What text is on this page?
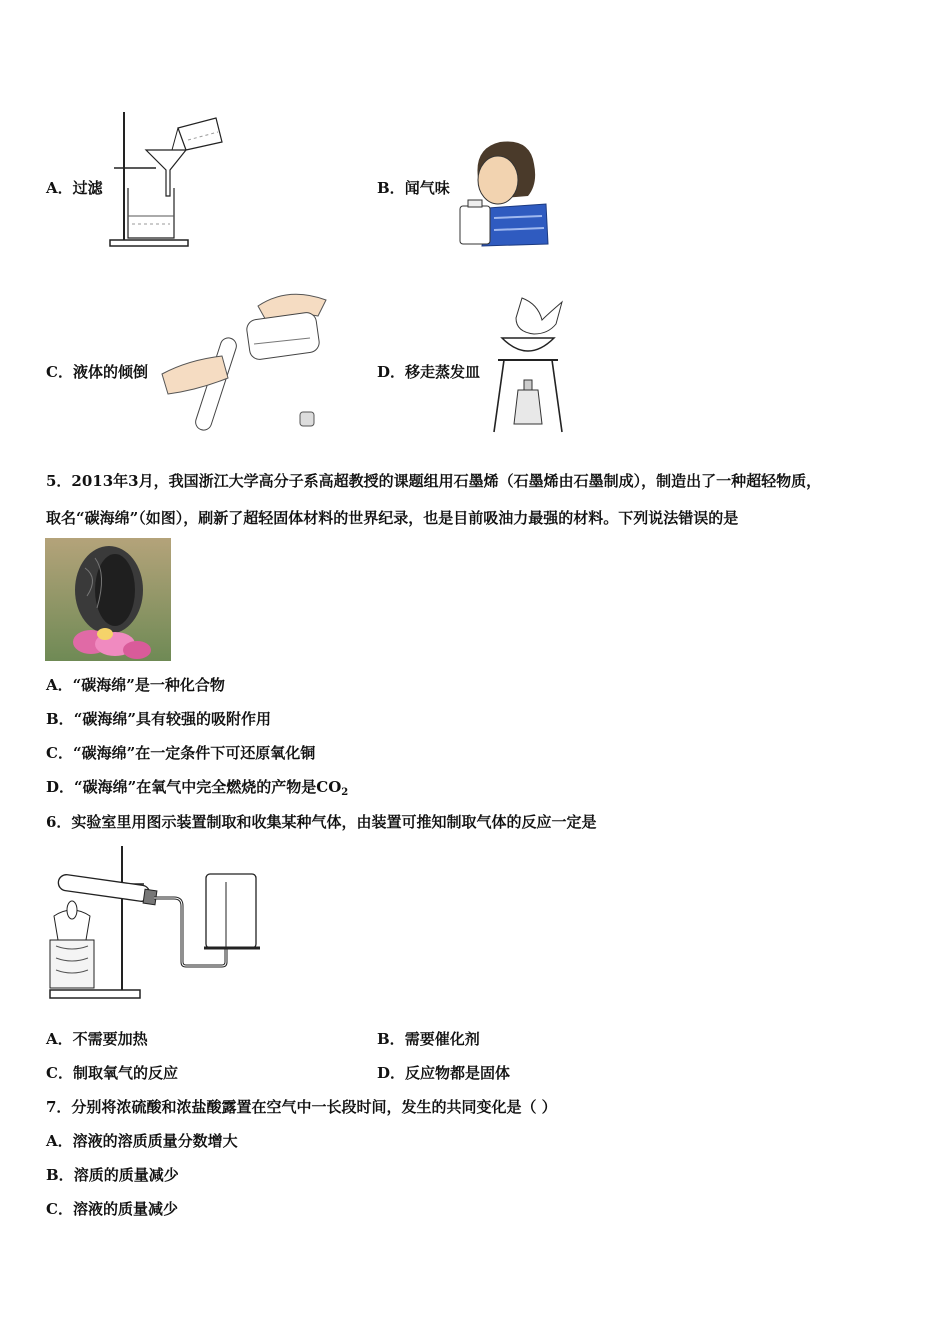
A．过滤	B．闻气味
C．液体的倾倒	D．移走蒸发皿
5．2013年3月，我国浙江大学高分子系高超教授的课题组用石墨烯（石墨烯由石墨制成），制造出了一种超轻物质，
取名“碳海绵”（如图），刷新了超轻固体材料的世界纪录，也是目前吸油力最强的材料。下列说法错误的是
A．“碳海绵”是一种化合物
B．“碳海绵”具有较强的吸附作用
C．“碳海绵”在一定条件下可还原氧化铜
D．“碳海绵”在氧气中完全燃烧的产物是$CO_2$
6．实验室里用图示装置制取和收集某种气体，由装置可推知制取气体的反应一定是
A．不需要加热	B．需要催化剂
C．制取氧气的反应	D．反应物都是固体
7．分别将浓硫酸和浓盐酸露置在空气中一长段时间，发生的共同变化是（ ）
A．溶液的溶质质量分数增大
B．溶质的质量减少
C．溶液的质量减少
